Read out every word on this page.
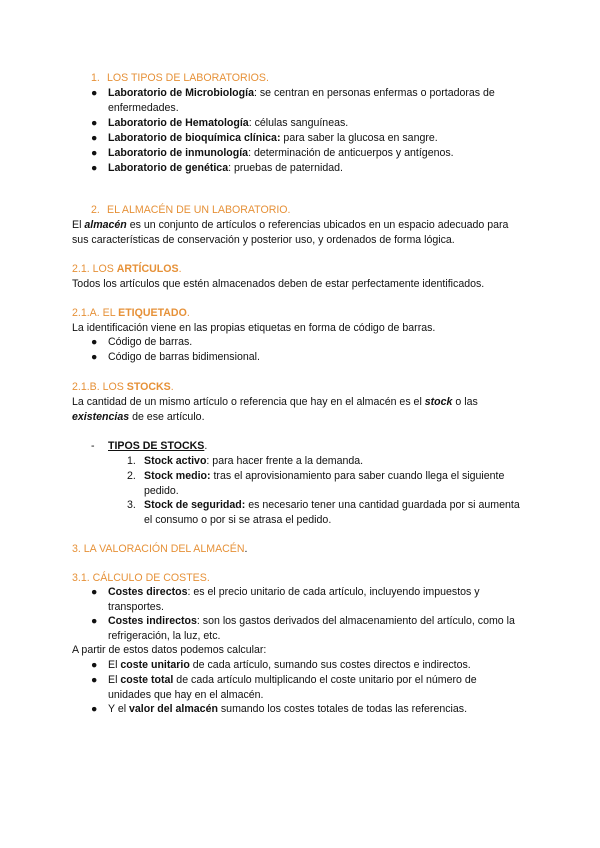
1. LOS TIPOS DE LABORATORIOS.
● Laboratorio de Microbiología: se centran en personas enfermas o portadoras de enfermedades.
● Laboratorio de Hematología: células sanguíneas.
● Laboratorio de bioquímica clínica: para saber la glucosa en sangre.
● Laboratorio de inmunología: determinación de anticuerpos y antígenos.
● Laboratorio de genética: pruebas de paternidad.
2. EL ALMACÉN DE UN LABORATORIO.
El almacén es un conjunto de artículos o referencias ubicados en un espacio adecuado para sus características de conservación y posterior uso, y ordenados de forma lógica.
2.1. LOS ARTÍCULOS.
Todos los artículos que estén almacenados deben de estar perfectamente identificados.
2.1.A. EL ETIQUETADO.
La identificación viene en las propias etiquetas en forma de código de barras.
● Código de barras.
● Código de barras bidimensional.
2.1.B. LOS STOCKS.
La cantidad de un mismo artículo o referencia que hay en el almacén es el stock o las existencias de ese artículo.
- TIPOS DE STOCKS.
1. Stock activo: para hacer frente a la demanda.
2. Stock medio: tras el aprovisionamiento para saber cuando llega el siguiente pedido.
3. Stock de seguridad: es necesario tener una cantidad guardada por si aumenta el consumo o por si se atrasa el pedido.
3. LA VALORACIÓN DEL ALMACÉN.
3.1. CÁLCULO DE COSTES.
● Costes directos: es el precio unitario de cada artículo, incluyendo impuestos y transportes.
● Costes indirectos: son los gastos derivados del almacenamiento del artículo, como la refrigeración, la luz, etc.
A partir de estos datos podemos calcular:
● El coste unitario de cada artículo, sumando sus costes directos e indirectos.
● El coste total de cada artículo multiplicando el coste unitario por el número de unidades que hay en el almacén.
● Y el valor del almacén sumando los costes totales de todas las referencias.
